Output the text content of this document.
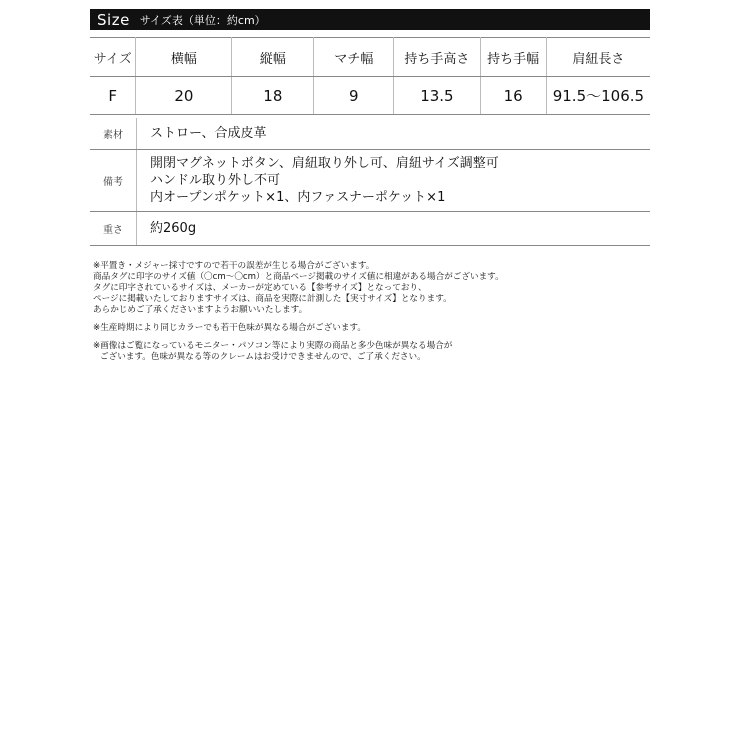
Size サイズ表（単位：約cm）
サイズ	横幅	縦幅	マチ幅	持ち手高さ	持ち手幅	肩紐長さ
F	20	18	9	13.5	16	91.5〜106.5
素材	ストロー、合成皮革
備考	開閉マグネットボタン、肩紐取り外し可、肩紐サイズ調整可
ハンドル取り外し不可
内オープンポケット×1、内ファスナーポケット×1

重さ	約260g
※平置き・メジャー採寸ですので若干の誤差が生じる場合がございます。
商品タグに印字のサイズ値（〇cm〜〇cm）と商品ページ掲載のサイズ値に相違がある場合がございます。
タグに印字されているサイズは、メーカーが定めている【参考サイズ】となっており、
ページに掲載いたしておりますサイズは、商品を実際に計測した【実寸サイズ】となります。
あらかじめご了承くださいますようお願いいたします。
※生産時期により同じカラーでも若干色味が異なる場合がございます。
※画像はご覧になっているモニター・パソコン等により実際の商品と多少色味が異なる場合が
ございます。色味が異なる等のクレームはお受けできませんので、ご了承ください。
